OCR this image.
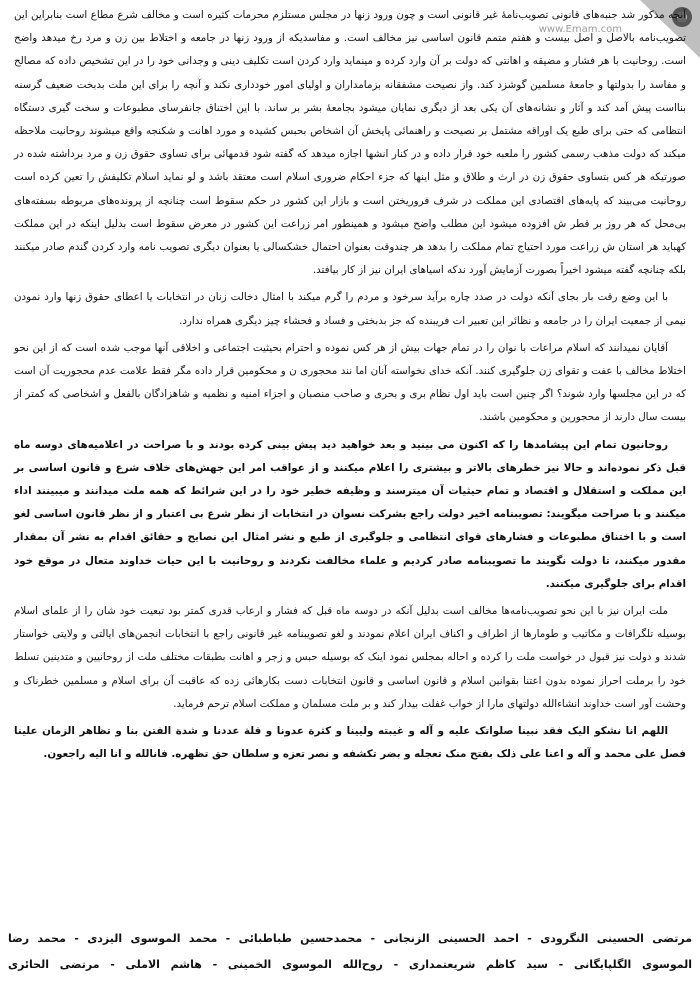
www.Emam.com

آنچه مذکور شد جنبه‌های قانونی تصویب‌نامهٔ غیر قانونی است و چون ورود زنها در مجلس مستلزم محرمات کثیره است و مخالف شرع مطاع است بنابراین این تصویب‌نامه بالاصل و اصل بیست و هفتم متمم قانون اساسی نیز مخالف است. و مفاسدیکه از ورود زنها در جامعه و اختلاط بین زن و مرد رخ میدهد واضح است. روحانیت با هر فشار و مضیقه و اهانتی که دولت بر آن وارد کرده و مینماید وارد کردن است تکلیف دینی و وجدانی خود را در این تشخیص داده که مصالح و مفاسد را بدولتها و جامعهٔ مسلمین گوشزد کند. واز نصیحت مشفقانه بزمامداران و اولیای امور خودداری نکند و آنچه را برای این ملت بدبخت ضعیف گرسنه بنااست پیش آمد کند و آثار و نشانه‌های آن یکی بعد از دیگری نمایان میشود بجامعهٔ بشر بر ساند. با این اختناق جانفرسای مطبوعات و سخت گیری دستگاه انتظامی که حتی برای طبع یک اوراقه مشتمل بر نصیحت و راهنمائی پایخش آن اشخاص بحبس کشیده و مورد اهانت و شکنجه واقع میشوند روحانیت ملاحظه میکند که دولت مذهب رسمی کشور را ملعبه خود قرار داده و در کنار انشها اجازه میدهد که گفته شود قدمهائی برای تساوی حقوق زن و مرد برداشته شده در صورتیکه هر کس بتساوی حقوق زن در ارث و طلاق و مثل اینها که جزء احکام ضروری اسلام است معتقد باشد و لو نماید اسلام تکلیفش را تعین کرده است روحانیت می‌بیند که پایه‌های اقتصادی این مملکت در شرف فروریختن است و بازار این کشور در حکم سقوط است چنانچه از پرونده‌های مربوطه بسفته‌های بی‌محل که هر روز بر قطر ش افزوده میشود این مطلب واضح میشود و همینطور امر زراعت این کشور در معرض سقوط است بدلیل اینکه در این مملکت کهباید هر استان ش زراعت مورد احتیاج تمام مملکت را بدهد هر چندوقت بعنوان احتمال خشکسالی یا بعنوان دیگری تصویب نامه وارد کردن گندم صادر میکنند بلکه چنانچه گفته میشود اخیراً بصورت آزمایش آورد ندکه اسیاهای ایران نیز از کار بیافتد.

با این وضع رقت بار بجای آنکه دولت در صدد چاره برآید سرخود و مردم را گرم میکند با امثال دخالت زنان در انتخابات یا اعطای حقوق زنها وارد نمودن نیمی از جمعیت ایران را در جامعه و نظائر این تعبیر ات فریبنده که جز بدبختی و فساد و فحشاء چیز دیگری همراه ندارد.

آقایان نمیدانند که اسلام مراعات با نوان را در تمام جهات بیش از هر کس نموده و احترام بحیثیت اجتماعی و اخلاقی آنها موجب شده است که از این نحو اختلاط مخالف با عفت و تقوای زن جلوگیری کنند. آنکه خدای نخواسته آنان اما نند محجوری ن و محکومین قرار داده مگر فقط علامت عدم محجوریت آن است که در این مجلسها وارد شوند؟ اگر چنین است باید اول نظام بری و بحری و صاحب منصبان و اجزاء امنیه و نظمیه و شاهزادگان بالفعل و اشخاصی که کمتر از بیست سال دارند از محجورین و محکومین باشند.

روحانیون تمام این پیشامدها را که اکنون می بینید و بعد خواهید دید پیش بینی کرده بودند و با صراحت در اعلامیه‌های دوسه ماه قبل ذکر نموده‌اند و حالا نیز خطرهای بالاتر و بیشتری را اعلام میکنند و از عواقب امر این جهش‌های خلاف شرع و قانون اساسی بر این مملکت و استقلال و اقتصاد و تمام حیثیات آن میترسند و وظیفه خطیر خود را در این شرائط که همه ملت میدانند و میبینند اداء میکنند و با صراحت میگویند: تصویبنامه اخیر دولت راجع بشرکت نسوان در انتخابات از نظر شرع بی اعتبار و از نظر قانون اساسی لغو است و با اختناق مطبوعات و فشارهای قوای انتظامی و جلوگیری از طبع و نشر امثال این نصایح و حقائق اقدام به نشر آن بمقدار مقدور میکنند، تا دولت نگویند ما تصویبنامه صادر کردیم و علماء مخالفت نکردند و روحانیت با این حیات خداوند متعال در موقع خود اقدام برای جلوگیری میکنند.

ملت ایران نیز با این نحو تصویب‌نامه‌ها مخالف است بدلیل آنکه در دوسه ماه قبل که فشار و ارعاب قدری کمتر بود تبعیت خود شان را از علمای اسلام بوسیله تلگرافات و مکاتیب و طومارها از اطراف و اکناف ایران اعلام نمودند و لغو تصویبنامه غیر قانونی راجع با انتخابات انجمن‌های ایالتی و ولایتی خواستار شدند و دولت نیز قبول در خواست ملت را کرده و احاله بمجلس نمود اینک که بوسیله حبس و زجر و اهانت بطبقات مختلف ملت از روحانیین و متدینین تسلط خود را برملت احراز نموده بدون اعتنا بقوانین اسلام و قانون اساسی و قانون انتخابات دست بکارهائی زده که عاقبت آن برای اسلام و مسلمین خطرناک و وحشت آور است خداوند انشاءالله دولتهای مارا از خواب غفلت بیدار کند و بر ملت مسلمان و مملکت اسلام ترحم فرماید.

اللهم انا نشکو الیک فقد نبینا صلواتک علیه و آله و غیبته ولیینا و کثرة عدونا و قلة عددنا و شدة الفتن بنا و تظاهر الزمان علینا فصل علی محمد و آله و اعنا علی ذلک بفتح منک تعجله و بضر تکشفه و نصر تعزه و سلطان حق تظهره. فانالله و انا الیه راجعون.

مرتضی الحسینی النگرودی - احمد الحسینی الزنجانی - محمدحسین طباطبائی - محمد الموسوی الیزدی - محمد رضا
الموسوی الگلپایگانی - سید کاظم شریعتمداری - روح‌الله الموسوی الخمینی - هاشم الاملی - مرتضی الحائری
